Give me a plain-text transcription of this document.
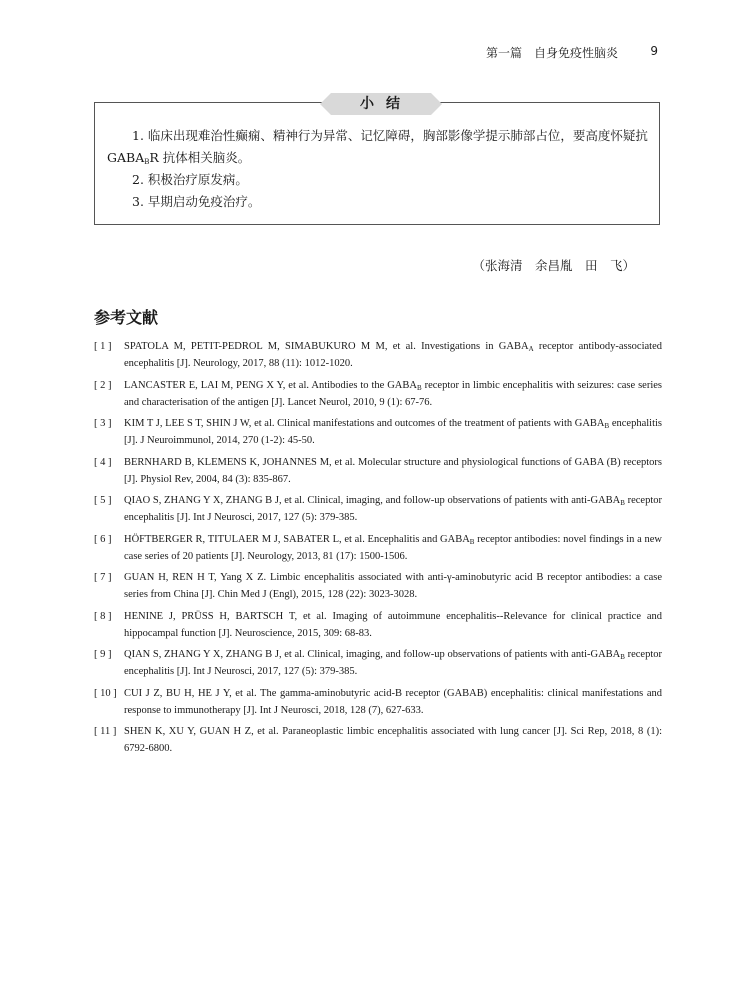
第一篇　自身免疫性脑炎	9
小结

1. 临床出现难治性癫痫、精神行为异常、记忆障碍，胸部影像学提示肺部占位，要高度怀疑抗
$GABA_BR$ 抗体相关脑炎。

2. 积极治疗原发病。

3. 早期启动免疫治疗。

（张海清　余昌胤　田　飞）
参考文献
[ 1 ] SPATOLA M, PETIT-PEDROL M, SIMABUKURO M M, et al. Investigations in $GABA_A$ receptor antibody-associated encephalitis [J]. Neurology, 2017, 88 (11): 1012-1020.
[ 2 ] LANCASTER E, LAI M, PENG X Y, et al. Antibodies to the $GABA_B$ receptor in limbic encephalitis with seizures: case series and characterisation of the antigen [J]. Lancet Neurol, 2010, 9 (1): 67-76.
[ 3 ] KIM T J, LEE S T, SHIN J W, et al. Clinical manifestations and outcomes of the treatment of patients with $GABA_B$ encephalitis [J]. J Neuroimmunol, 2014, 270 (1-2): 45-50.
[ 4 ] BERNHARD B, KLEMENS K, JOHANNES M, et al. Molecular structure and physiological functions of GABA (B) receptors [J]. Physiol Rev, 2004, 84 (3): 835-867.
[ 5 ] QIAO S, ZHANG Y X, ZHANG B J, et al. Clinical, imaging, and follow-up observations of patients with anti-$GABA_B$ receptor encephalitis [J]. Int J Neurosci, 2017, 127 (5): 379-385.
[ 6 ] HÖFTBERGER R, TITULAER M J, SABATER L, et al. Encephalitis and $GABA_B$ receptor antibodies: novel findings in a new case series of 20 patients [J]. Neurology, 2013, 81 (17): 1500-1506.
[ 7 ] GUAN H, REN H T, Yang X Z. Limbic encephalitis associated with anti-γ-aminobutyric acid B receptor antibodies: a case series from China [J]. Chin Med J (Engl), 2015, 128 (22): 3023-3028.
[ 8 ] HENINE J, PRÜSS H, BARTSCH T, et al. Imaging of autoimmune encephalitis--Relevance for clinical practice and hippocampal function [J]. Neuroscience, 2015, 309: 68-83.
[ 9 ] QIAN S, ZHANG Y X, ZHANG B J, et al. Clinical, imaging, and follow-up observations of patients with anti-$GABA_B$ receptor encephalitis [J]. Int J Neurosci, 2017, 127 (5): 379-385.
[ 10 ] CUI J Z, BU H, HE J Y, et al. The gamma-aminobutyric acid-B receptor (GABAB) encephalitis: clinical manifestations and response to immunotherapy [J]. Int J Neurosci, 2018, 128 (7), 627-633.
[ 11 ] SHEN K, XU Y, GUAN H Z, et al. Paraneoplastic limbic encephalitis associated with lung cancer [J]. Sci Rep, 2018, 8 (1): 6792-6800.
